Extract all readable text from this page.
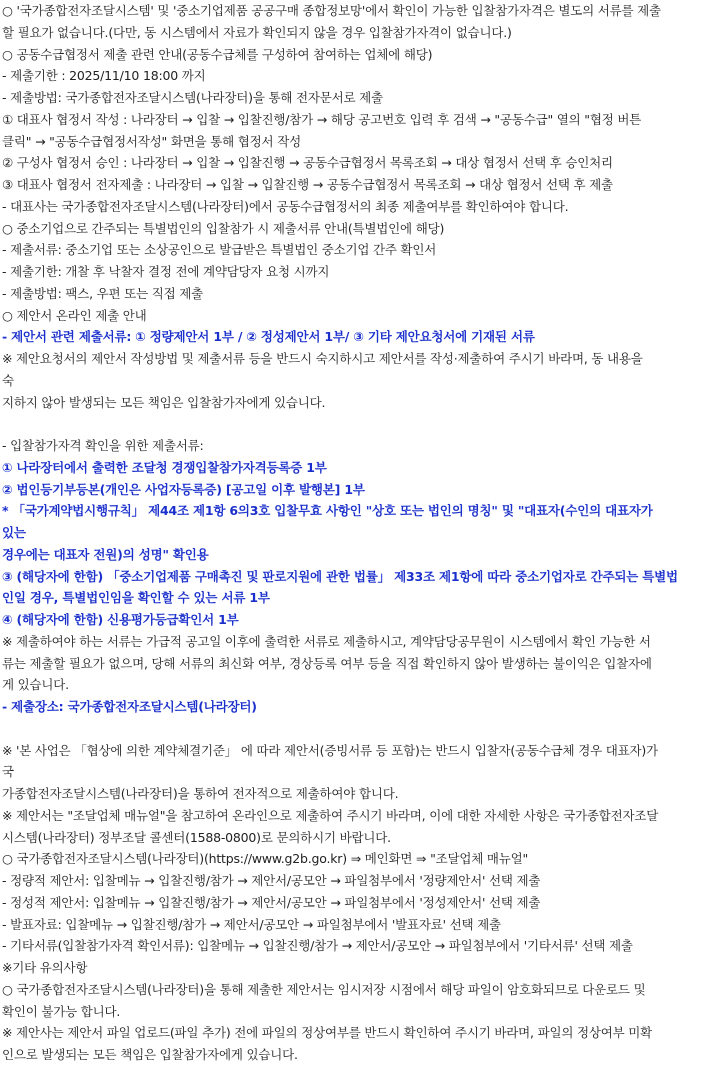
○ '국가종합전자조달시스템' 및 '중소기업제품 공공구매 종합정보망'에서 확인이 가능한 입찰참가자격은 별도의 서류를 제출
할 필요가 없습니다.(다만, 동 시스템에서 자료가 확인되지 않을 경우 입찰참가자격이 없습니다.)
○ 공동수급협정서 제출 관련 안내(공동수급체를 구성하여 참여하는 업체에 해당)
- 제출기한 : 2025/11/10 18:00 까지
- 제출방법: 국가종합전자조달시스템(나라장터)을 통해 전자문서로 제출
① 대표사 협정서 작성 : 나라장터 → 입찰 → 입찰진행/참가 → 해당 공고번호 입력 후 검색 → "공동수급" 열의 "협정 버튼
클릭" → "공동수급협정서작성" 화면을 통해 협정서 작성
② 구성사 협정서 승인 : 나라장터 → 입찰 → 입찰진행 → 공동수급협정서 목록조회 → 대상 협정서 선택 후 승인처리
③ 대표사 협정서 전자제출 : 나라장터 → 입찰 → 입찰진행 → 공동수급협정서 목록조회 → 대상 협정서 선택 후 제출
- 대표사는 국가종합전자조달시스템(나라장터)에서 공동수급협정서의 최종 제출여부를 확인하여야 합니다.
○ 중소기업으로 간주되는 특별법인의 입찰참가 시 제출서류 안내(특별법인에 해당)
- 제출서류: 중소기업 또는 소상공인으로 발급받은 특별법인 중소기업 간주 확인서
- 제출기한: 개찰 후 낙찰자 결정 전에 계약담당자 요청 시까지
- 제출방법: 팩스, 우편 또는 직접 제출
○ 제안서 온라인 제출 안내
- 제안서 관련 제출서류: ① 정량제안서 1부 / ② 정성제안서 1부/ ③ 기타 제안요청서에 기재된 서류
※ 제안요청서의 제안서 작성방법 및 제출서류 등을 반드시 숙지하시고 제안서를 작성·제출하여 주시기 바라며, 동 내용을
숙
지하지 않아 발생되는 모든 책임은 입찰참가자에게 있습니다.
- 입찰참가자격 확인을 위한 제출서류:
① 나라장터에서 출력한 조달청 경쟁입찰참가자격등록증 1부
② 법인등기부등본(개인은 사업자등록증) [공고일 이후 발행본] 1부
* 「국가계약법시행규칙」 제44조 제1항 6의3호 입찰무효 사항인 "상호 또는 법인의 명칭" 및 "대표자(수인의 대표자가
있는
경우에는 대표자 전원)의 성명" 확인용
③ (해당자에 한함) 「중소기업제품 구매촉진 및 판로지원에 관한 법률」 제33조 제1항에 따라 중소기업자로 간주되는 특별법
인일 경우, 특별법인임을 확인할 수 있는 서류 1부
④ (해당자에 한함) 신용평가등급확인서 1부
※ 제출하여야 하는 서류는 가급적 공고일 이후에 출력한 서류로 제출하시고, 계약담당공무원이 시스템에서 확인 가능한 서
류는 제출할 필요가 없으며, 당해 서류의 최신화 여부, 경상등록 여부 등을 직접 확인하지 않아 발생하는 불이익은 입찰자에
게 있습니다.
- 제출장소: 국가종합전자조달시스템(나라장터)
※ '본 사업은 「협상에 의한 계약체결기준」 에 따라 제안서(증빙서류 등 포함)는 반드시 입찰자(공동수급체 경우 대표자)가
국
가종합전자조달시스템(나라장터)을 통하여 전자적으로 제출하여야 합니다.
※ 제안서는 "조달업체 매뉴얼"을 참고하여 온라인으로 제출하여 주시기 바라며, 이에 대한 자세한 사항은 국가종합전자조달
시스템(나라장터) 정부조달 콜센터(1588-0800)로 문의하시기 바랍니다.
○ 국가종합전자조달시스템(나라장터)(https://www.g2b.go.kr) ⇒ 메인화면 ⇒ "조달업체 매뉴얼"
- 정량적 제안서: 입찰메뉴 → 입찰진행/참가 → 제안서/공모안 → 파일첨부에서 '정량제안서' 선택 제출
- 정성적 제안서: 입찰메뉴 → 입찰진행/참가 → 제안서/공모안 → 파일첨부에서 '정성제안서' 선택 제출
- 발표자료: 입찰메뉴 → 입찰진행/참가 → 제안서/공모안 → 파일첨부에서 '발표자료' 선택 제출
- 기타서류(입찰참가자격 확인서류): 입찰메뉴 → 입찰진행/참가 → 제안서/공모안 → 파일첨부에서 '기타서류' 선택 제출
※기타 유의사항
○ 국가종합전자조달시스템(나라장터)을 통해 제출한 제안서는 임시저장 시점에서 해당 파일이 암호화되므로 다운로드 및
확인이 불가능 합니다.
※ 제안사는 제안서 파일 업로드(파일 추가) 전에 파일의 정상여부를 반드시 확인하여 주시기 바라며, 파일의 정상여부 미확
인으로 발생되는 모든 책임은 입찰참가자에게 있습니다.
